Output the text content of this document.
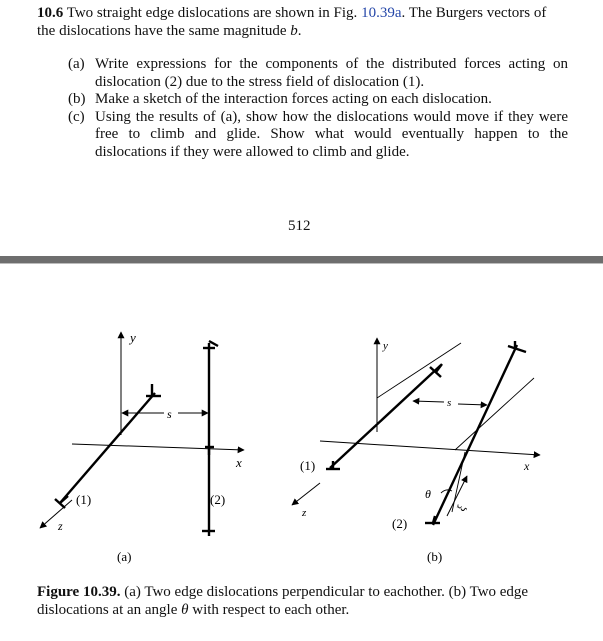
10.6 Two straight edge dislocations are shown in Fig. 10.39a. The Burgers vectors of the dislocations have the same magnitude b.
(a) Write expressions for the components of the distributed forces acting on dislocation (2) due to the stress field of dislocation (1).
(b) Make a sketch of the interaction forces acting on each dislocation.
(c) Using the results of (a), show how the dislocations would move if they were free to climb and glide. Show what would eventually happen to the dislocations if they were allowed to climb and glide.
512
y
x
z
s
(1)	(2)
(a)
y
x
z
s
θ
ξ
(1)
(2)
(b)
Figure 10.39. (a) Two edge dislocations perpendicular to eachother. (b) Two edge dislocations at an angle θ with respect to each other.
